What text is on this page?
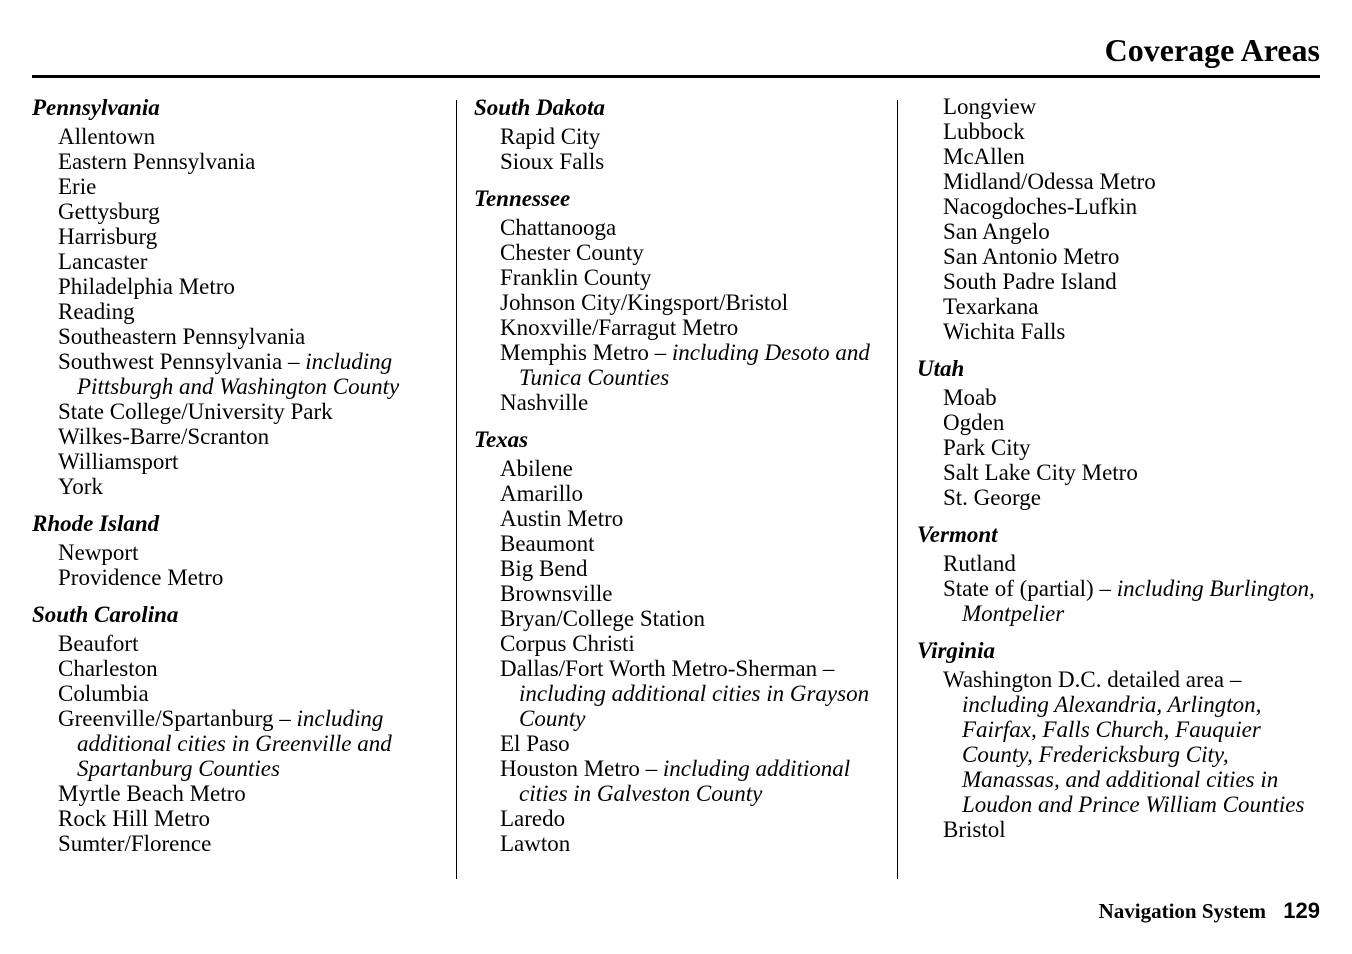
Coverage Areas
Pennsylvania
Allentown
Eastern Pennsylvania
Erie
Gettysburg
Harrisburg
Lancaster
Philadelphia Metro
Reading
Southeastern Pennsylvania
Southwest Pennsylvania – including Pittsburgh and Washington County
State College/University Park
Wilkes-Barre/Scranton
Williamsport
York
Rhode Island
Newport
Providence Metro
South Carolina
Beaufort
Charleston
Columbia
Greenville/Spartanburg – including additional cities in Greenville and Spartanburg Counties
Myrtle Beach Metro
Rock Hill Metro
Sumter/Florence
South Dakota
Rapid City
Sioux Falls
Tennessee
Chattanooga
Chester County
Franklin County
Johnson City/Kingsport/Bristol
Knoxville/Farragut Metro
Memphis Metro – including Desoto and Tunica Counties
Nashville
Texas
Abilene
Amarillo
Austin Metro
Beaumont
Big Bend
Brownsville
Bryan/College Station
Corpus Christi
Dallas/Fort Worth Metro-Sherman – including additional cities in Grayson County
El Paso
Houston Metro – including additional cities in Galveston County
Laredo
Lawton
Longview
Lubbock
McAllen
Midland/Odessa Metro
Nacogdoches-Lufkin
San Angelo
San Antonio Metro
South Padre Island
Texarkana
Wichita Falls
Utah
Moab
Ogden
Park City
Salt Lake City Metro
St. George
Vermont
Rutland
State of (partial) – including Burlington, Montpelier
Virginia
Washington D.C. detailed area – including Alexandria, Arlington, Fairfax, Falls Church, Fauquier County, Fredericksburg City, Manassas, and additional cities in Loudon and Prince William Counties
Bristol
Navigation System 129
